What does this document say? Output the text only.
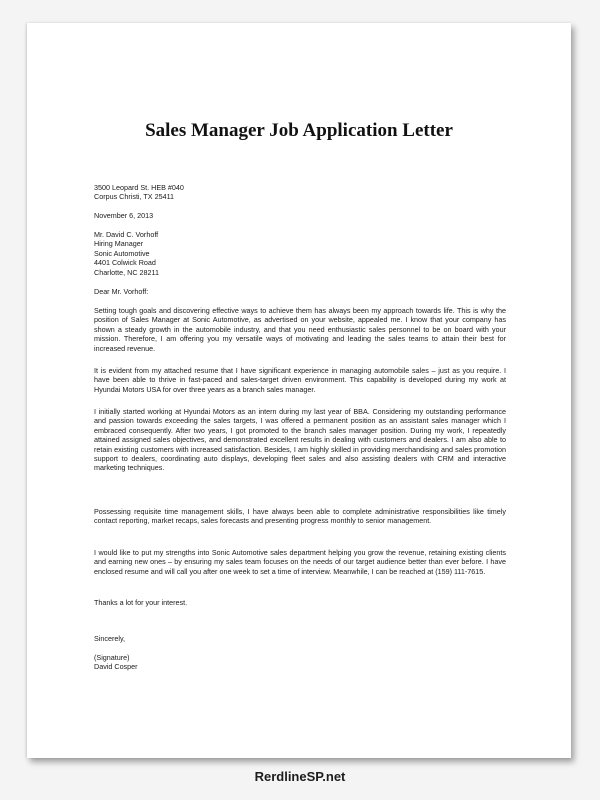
Sales Manager Job Application Letter
3500 Leopard St. HEB #040
Corpus Christi, TX 25411
November 6, 2013
Mr. David C. Vorhoff
Hiring Manager
Sonic Automotive
4401 Colwick Road
Charlotte, NC 28211
Dear Mr. Vorhoff:

Setting tough goals and discovering effective ways to achieve them has always been my approach towards life. This is why the position of Sales Manager at Sonic Automotive, as advertised on your website, appealed me. I know that your company has shown a steady growth in the automobile industry, and that you need enthusiastic sales personnel to be on board with your mission. Therefore, I am offering you my versatile ways of motivating and leading the sales teams to attain their best for increased revenue.

It is evident from my attached resume that I have significant experience in managing automobile sales – just as you require. I have been able to thrive in fast-paced and sales-target driven environment. This capability is developed during my work at Hyundai Motors USA for over three years as a branch sales manager.

I initially started working at Hyundai Motors as an intern during my last year of BBA. Considering my outstanding performance and passion towards exceeding the sales targets, I was offered a permanent position as an assistant sales manager which I embraced consequently. After two years, I got promoted to the branch sales manager position. During my work, I repeatedly attained assigned sales objectives, and demonstrated excellent results in dealing with customers and dealers. I am also able to retain existing customers with increased satisfaction. Besides, I am highly skilled in providing merchandising and sales promotion support to dealers, coordinating auto displays, developing fleet sales and also assisting dealers with CRM and interactive marketing techniques.

Possessing requisite time management skills, I have always been able to complete administrative responsibilities like timely contact reporting, market recaps, sales forecasts and presenting progress monthly to senior management.

I would like to put my strengths into Sonic Automotive sales department helping you grow the revenue, retaining existing clients and earning new ones – by ensuring my sales team focuses on the needs of our target audience better than ever before. I have enclosed resume and will call you after one week to set a time of interview. Meanwhile, I can be reached at (159) 111-7615.

Thanks a lot for your interest.

Sincerely,
(Signature)
David Cosper
RerdlineSP.net
